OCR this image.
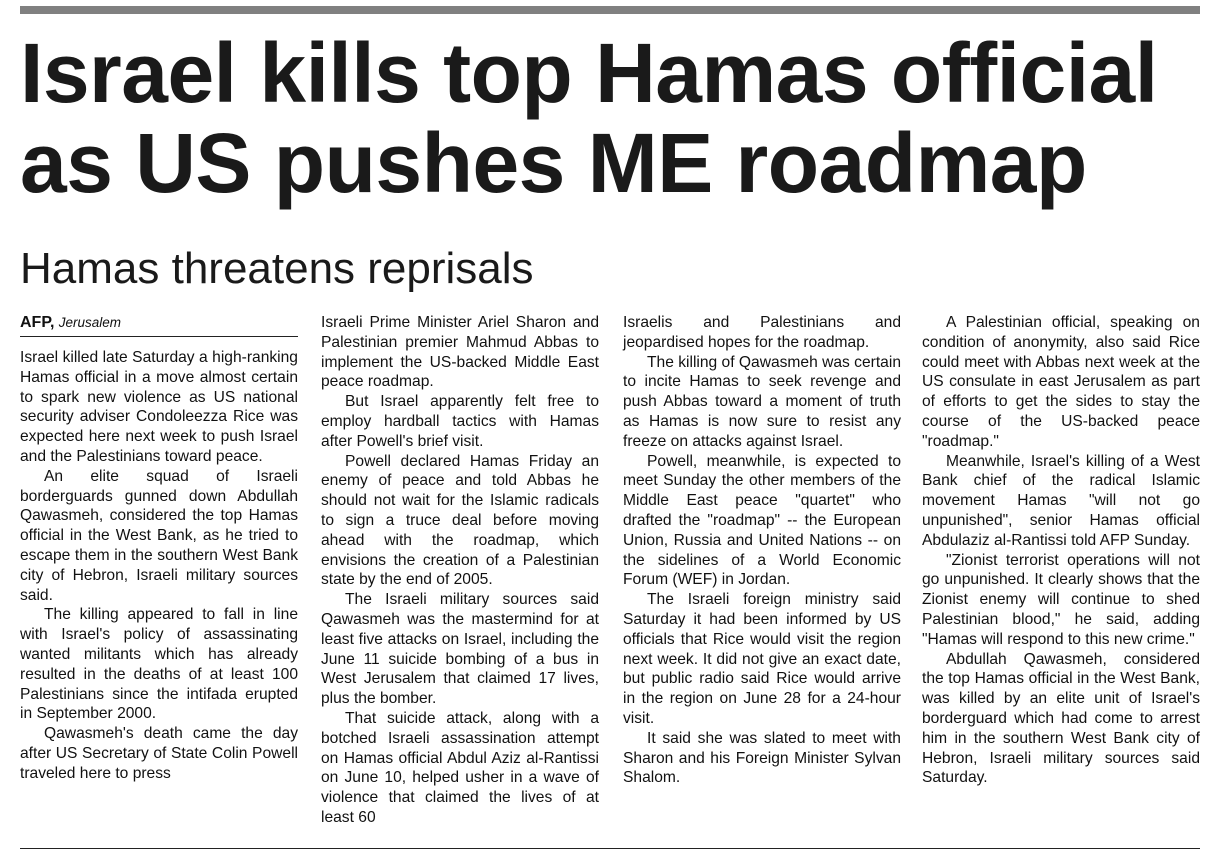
Israel kills top Hamas official as US pushes ME roadmap
Hamas threatens reprisals
AFP, Jerusalem

Israel killed late Saturday a high-ranking Hamas official in a move almost certain to spark new violence as US national security adviser Condoleezza Rice was expected here next week to push Israel and the Palestinians toward peace.

An elite squad of Israeli borderguards gunned down Abdullah Qawasmeh, considered the top Hamas official in the West Bank, as he tried to escape them in the southern West Bank city of Hebron, Israeli military sources said.

The killing appeared to fall in line with Israel's policy of assassinating wanted militants which has already resulted in the deaths of at least 100 Palestinians since the intifada erupted in September 2000.

Qawasmeh's death came the day after US Secretary of State Colin Powell traveled here to press

Israeli Prime Minister Ariel Sharon and Palestinian premier Mahmud Abbas to implement the US-backed Middle East peace roadmap.

But Israel apparently felt free to employ hardball tactics with Hamas after Powell's brief visit.

Powell declared Hamas Friday an enemy of peace and told Abbas he should not wait for the Islamic radicals to sign a truce deal before moving ahead with the roadmap, which envisions the creation of a Palestinian state by the end of 2005.

The Israeli military sources said Qawasmeh was the mastermind for at least five attacks on Israel, including the June 11 suicide bombing of a bus in West Jerusalem that claimed 17 lives, plus the bomber.

That suicide attack, along with a botched Israeli assassination attempt on Hamas official Abdul Aziz al-Rantissi on June 10, helped usher in a wave of violence that claimed the lives of at least 60

Israelis and Palestinians and jeopardised hopes for the roadmap.

The killing of Qawasmeh was certain to incite Hamas to seek revenge and push Abbas toward a moment of truth as Hamas is now sure to resist any freeze on attacks against Israel.

Powell, meanwhile, is expected to meet Sunday the other members of the Middle East peace "quartet" who drafted the "roadmap" -- the European Union, Russia and United Nations -- on the sidelines of a World Economic Forum (WEF) in Jordan.

The Israeli foreign ministry said Saturday it had been informed by US officials that Rice would visit the region next week. It did not give an exact date, but public radio said Rice would arrive in the region on June 28 for a 24-hour visit.

It said she was slated to meet with Sharon and his Foreign Minister Sylvan Shalom.

A Palestinian official, speaking on condition of anonymity, also said Rice could meet with Abbas next week at the US consulate in east Jerusalem as part of efforts to get the sides to stay the course of the US-backed peace "roadmap."

Meanwhile, Israel's killing of a West Bank chief of the radical Islamic movement Hamas "will not go unpunished", senior Hamas official Abdulaziz al-Rantissi told AFP Sunday.

"Zionist terrorist operations will not go unpunished. It clearly shows that the Zionist enemy will continue to shed Palestinian blood," he said, adding "Hamas will respond to this new crime."

Abdullah Qawasmeh, considered the top Hamas official in the West Bank, was killed by an elite unit of Israel's borderguard which had come to arrest him in the southern West Bank city of Hebron, Israeli military sources said Saturday.
